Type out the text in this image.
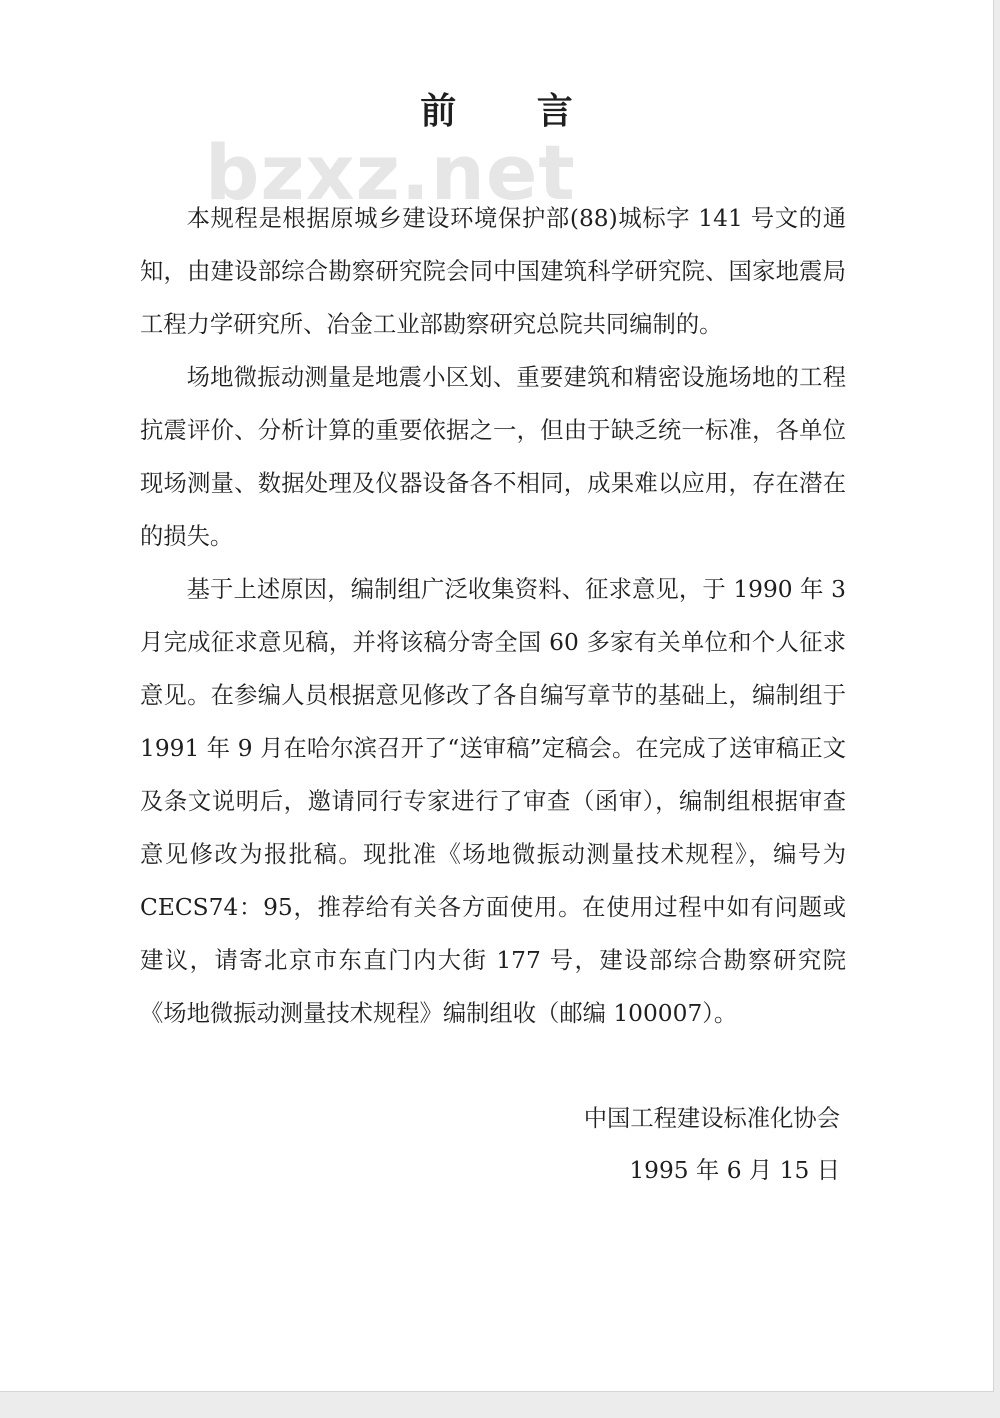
bzxz.net
前 言

本规程是根据原城乡建设环境保护部(88)城标字 141 号文的通知，由建设部综合勘察研究院会同中国建筑科学研究院、国家地震局工程力学研究所、冶金工业部勘察研究总院共同编制的。

场地微振动测量是地震小区划、重要建筑和精密设施场地的工程抗震评价、分析计算的重要依据之一，但由于缺乏统一标准，各单位现场测量、数据处理及仪器设备各不相同，成果难以应用，存在潜在的损失。

基于上述原因，编制组广泛收集资料、征求意见，于 1990 年 3 月完成征求意见稿，并将该稿分寄全国 60 多家有关单位和个人征求意见。在参编人员根据意见修改了各自编写章节的基础上，编制组于 1991 年 9 月在哈尔滨召开了“送审稿”定稿会。在完成了送审稿正文及条文说明后，邀请同行专家进行了审查（函审），编制组根据审查意见修改为报批稿。现批准《场地微振动测量技术规程》，编号为 CECS74：95，推荐给有关各方面使用。在使用过程中如有问题或建议，请寄北京市东直门内大街 177 号，建设部综合勘察研究院《场地微振动测量技术规程》编制组收（邮编 100007）。

中国工程建设标准化协会
1995 年 6 月 15 日
